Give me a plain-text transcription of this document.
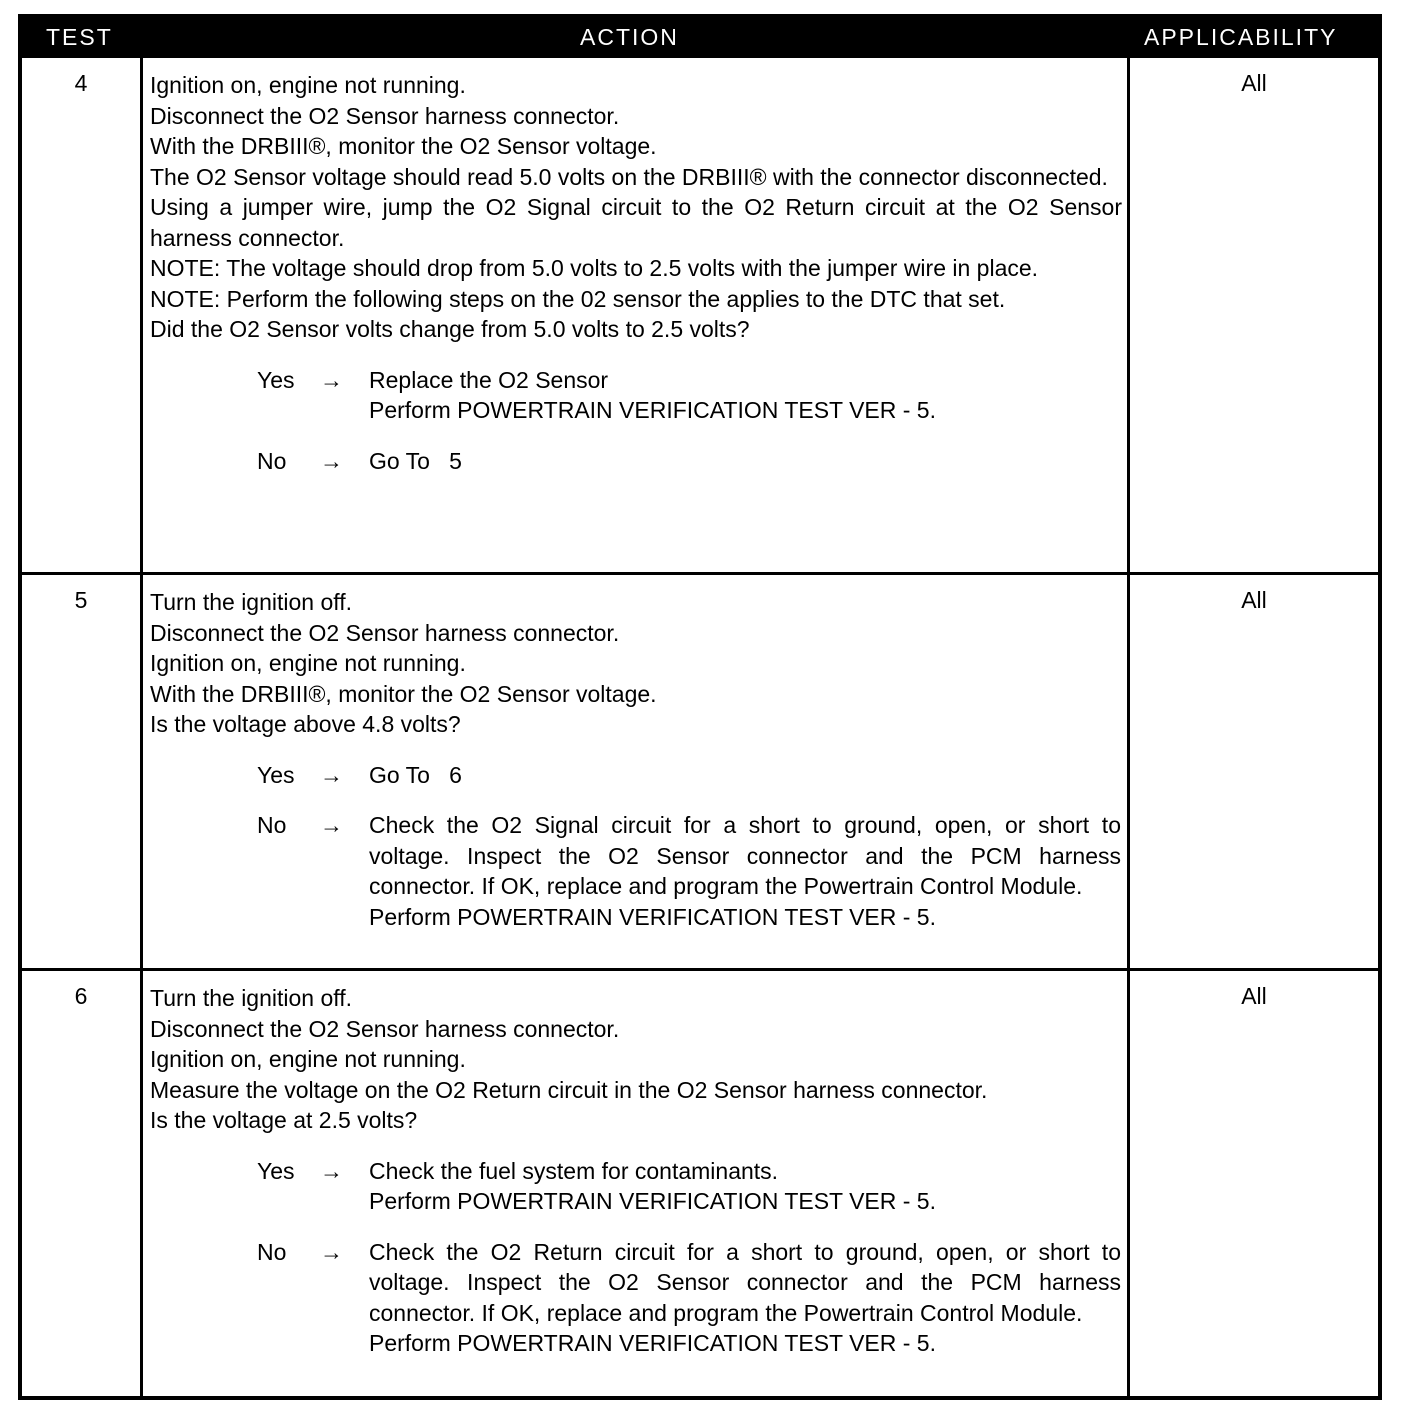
TEST	ACTION	APPLICABILITY
4	Ignition on, engine not running.
Disconnect the O2 Sensor harness connector.
With the DRBIII®, monitor the O2 Sensor voltage.
The O2 Sensor voltage should read 5.0 volts on the DRBIII® with the connector disconnected.
Using a jumper wire, jump the O2 Signal circuit to the O2 Return circuit at the O2 Sensor harness connector.
NOTE: The voltage should drop from 5.0 volts to 2.5 volts with the jumper wire in place.
NOTE: Perform the following steps on the 02 sensor the applies to the DTC that set.
Did the O2 Sensor volts change from 5.0 volts to 2.5 volts?
Yes → Replace the O2 Sensor
Perform POWERTRAIN VERIFICATION TEST VER - 5.
No → Go To   5
All
5	Turn the ignition off.
Disconnect the O2 Sensor harness connector.
Ignition on, engine not running.
With the DRBIII®, monitor the O2 Sensor voltage.
Is the voltage above 4.8 volts?
Yes → Go To   6
No → Check the O2 Signal circuit for a short to ground, open, or short to voltage. Inspect the O2 Sensor connector and the PCM harness connector. If OK, replace and program the Powertrain Control Module.
Perform POWERTRAIN VERIFICATION TEST VER - 5.
All
6	Turn the ignition off.
Disconnect the O2 Sensor harness connector.
Ignition on, engine not running.
Measure the voltage on the O2 Return circuit in the O2 Sensor harness connector.
Is the voltage at 2.5 volts?
Yes → Check the fuel system for contaminants.
Perform POWERTRAIN VERIFICATION TEST VER - 5.
No → Check the O2 Return circuit for a short to ground, open, or short to voltage. Inspect the O2 Sensor connector and the PCM harness connector. If OK, replace and program the Powertrain Control Module.
Perform POWERTRAIN VERIFICATION TEST VER - 5.
All
